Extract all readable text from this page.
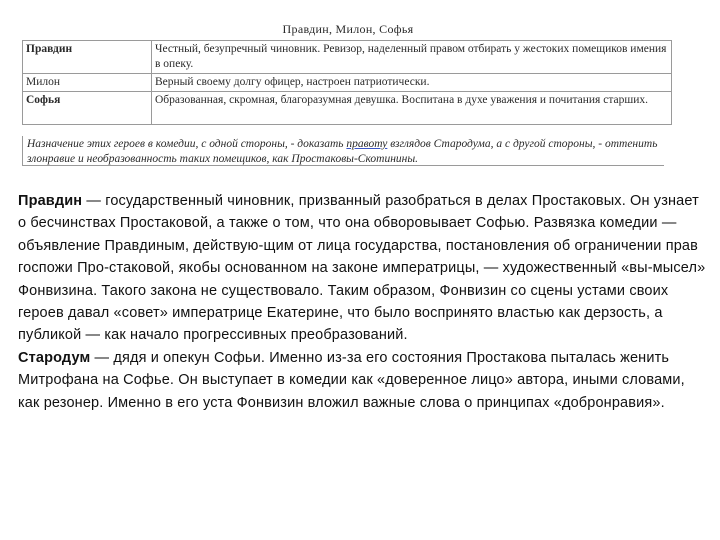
Правдин, Милон, Софья
Правдин	Честный, безупречный чиновник. Ревизор, наделенный правом отбирать у жестоких помещиков имения в опеку.
Милон	Верный своему долгу офицер, настроен патриотически.
Софья	Образованная, скромная, благоразумная девушка. Воспитана в духе уважения и почитания старших.
Назначение этих героев в комедии, с одной стороны, - доказать правоту взглядов Стародума, а с другой стороны, - оттенить злонравие и необразованность таких помещиков, как Простаковы-Скотинины.

Правдин — государственный чиновник, призванный разобраться в делах Простаковых. Он узнает о бесчинствах Простаковой, а также о том, что она обворовывает Софью. Развязка комедии — объявление Правдиным, действую-щим от лица государства, постановления об ограничении прав госпожи Про-стаковой, якобы основанном на законе императрицы, — художественный «вы-мысел» Фонвизина. Такого закона не существовало. Таким образом, Фонвизин со сцены устами своих героев давал «совет» императрице Екатерине, что было воспринято властью как дерзость, а публикой — как начало прогрессивных преобразований.

Стародум — дядя и опекун Софьи. Именно из-за его состояния Простакова пыталась женить Митрофана на Софье. Он выступает в комедии как «доверенное лицо» автора, иными словами, как резонер. Именно в его уста Фонвизин вложил важные слова о принципах «добронравия».
